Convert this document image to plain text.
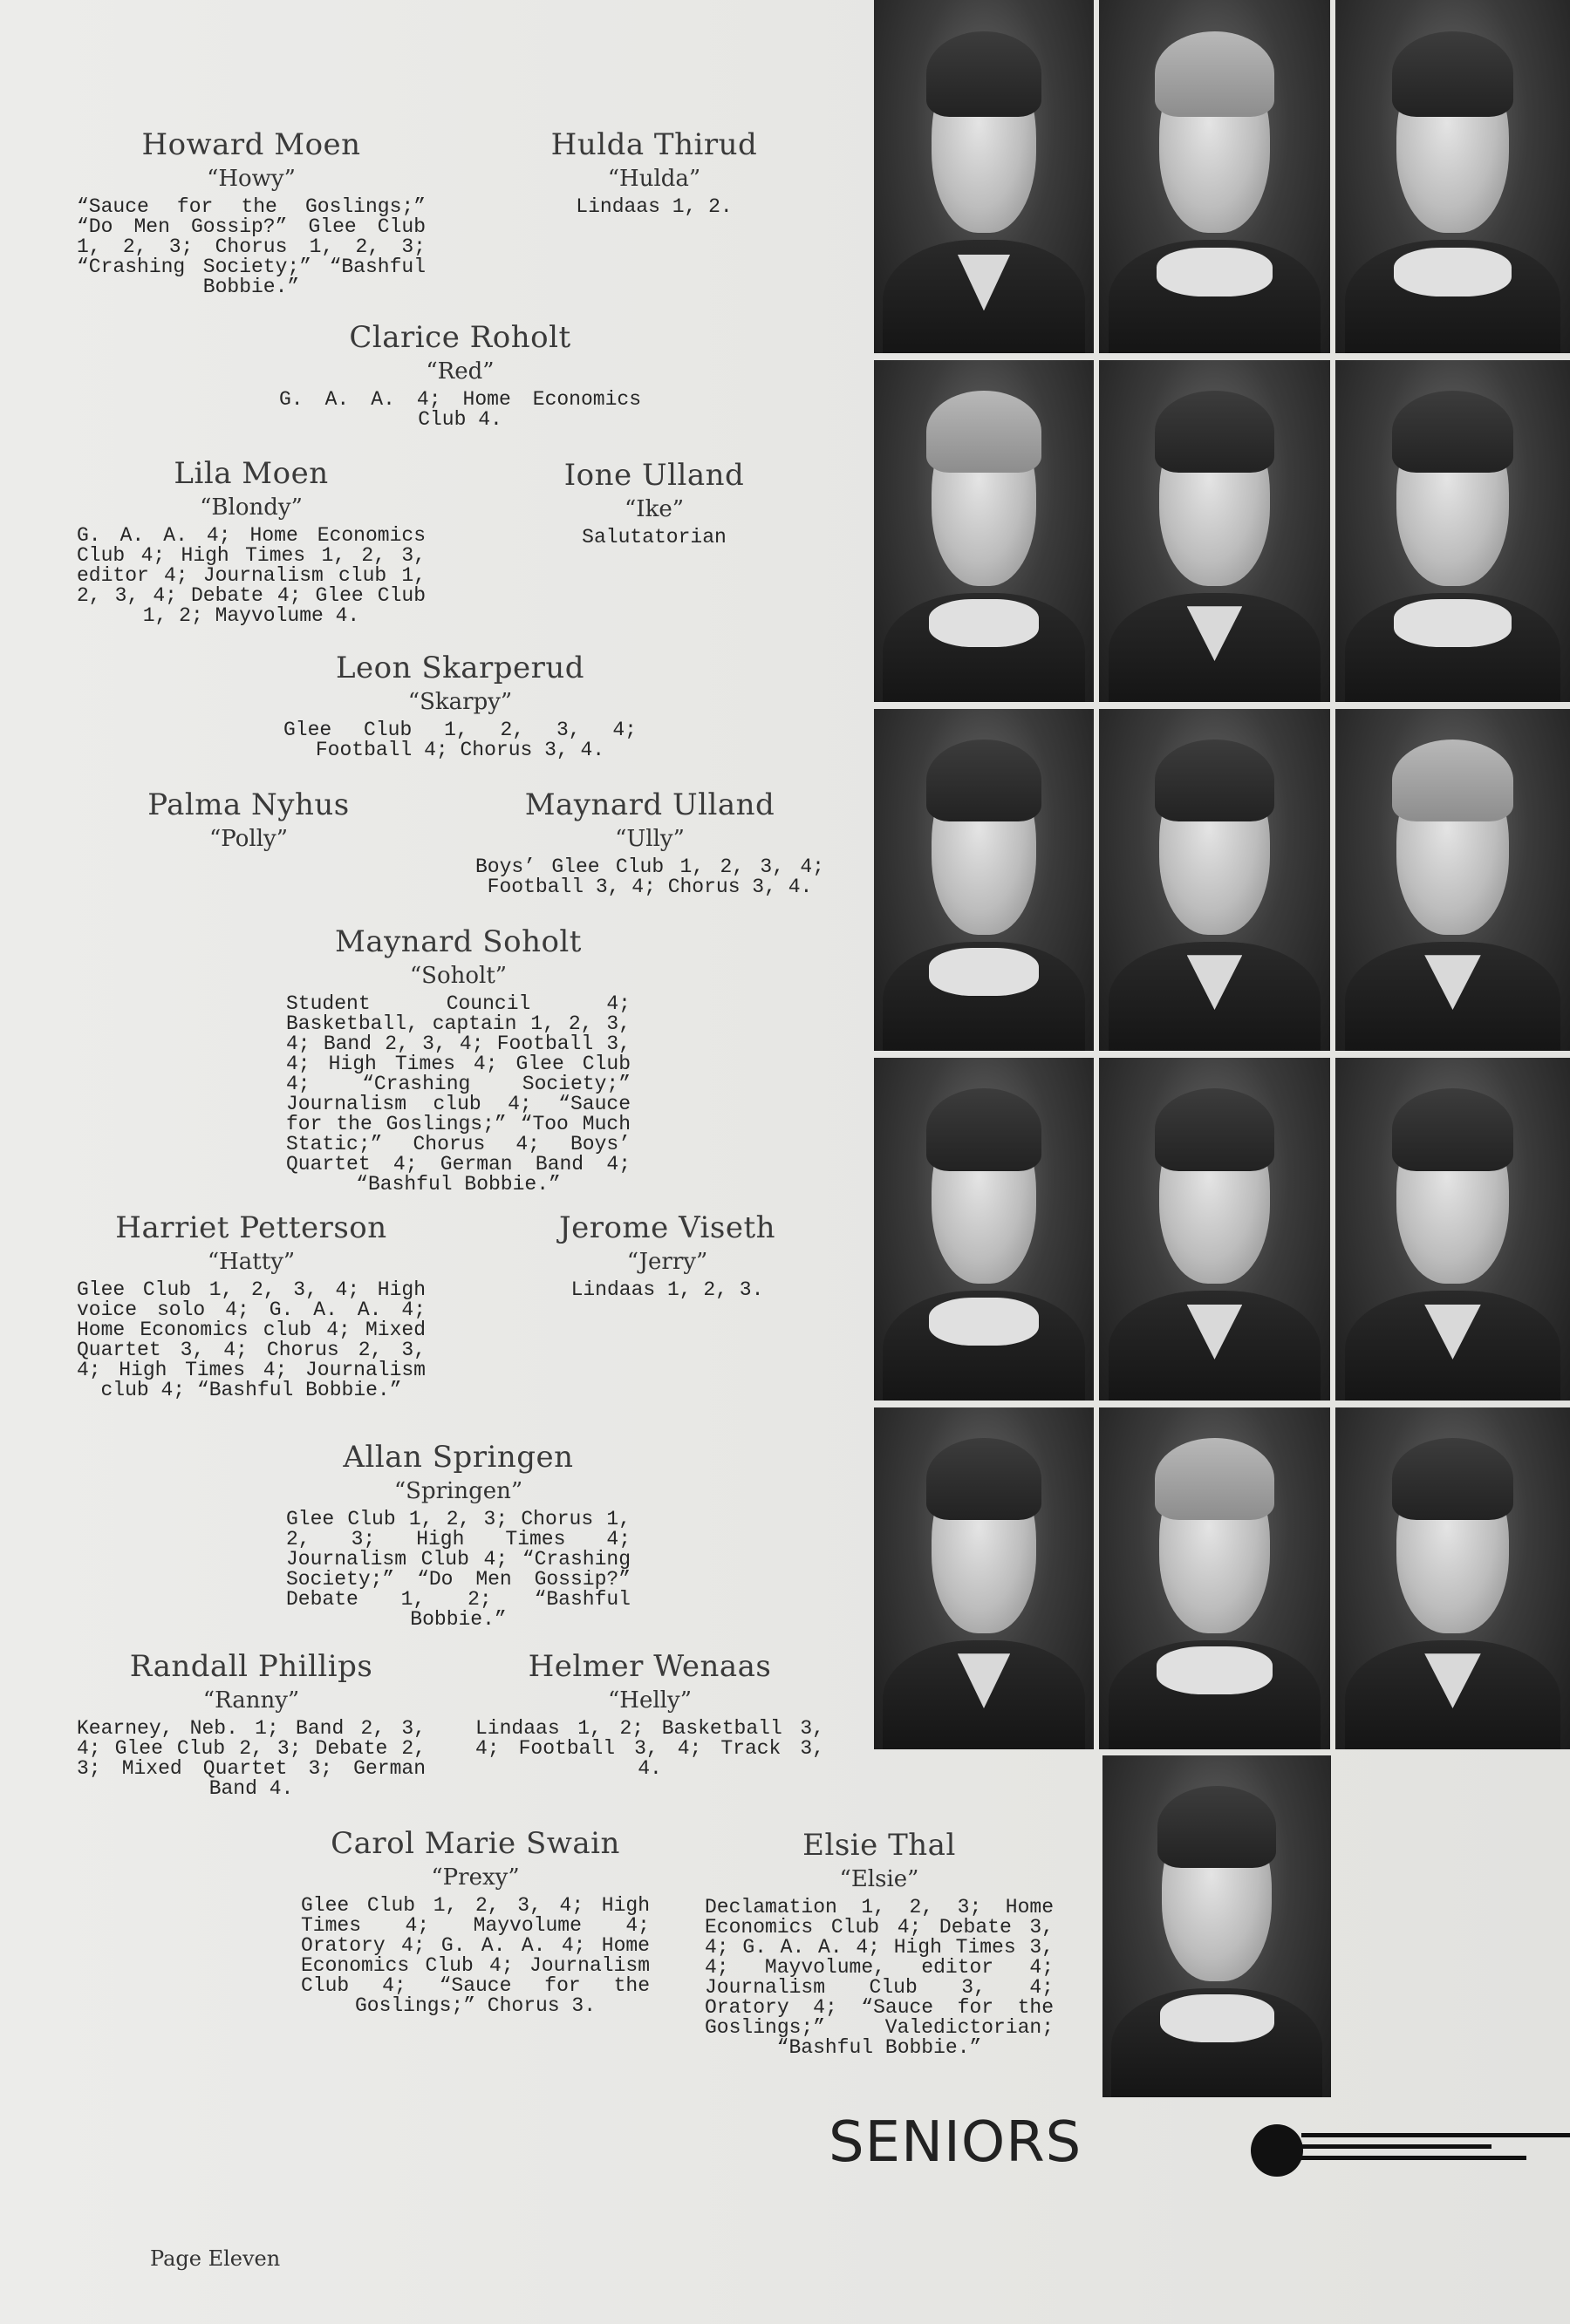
Howard Moen
“Howy”
“Sauce for the Goslings;” “Do Men Gossip?” Glee Club 1, 2, 3; Chorus 1, 2, 3; “Crashing Society;” “Bashful Bobbie.”
Hulda Thirud
“Hulda”
Lindaas 1, 2.
Clarice Roholt
“Red”
G. A. A. 4; Home Economics Club 4.
Lila Moen
“Blondy”
G. A. A. 4; Home Economics Club 4; High Times 1, 2, 3, editor 4; Journalism club 1, 2, 3, 4; Debate 4; Glee Club 1, 2; Mayvolume 4.
Ione Ulland
“Ike”
Salutatorian
Leon Skarperud
“Skarpy”
Glee Club 1, 2, 3, 4; Football 4; Chorus 3, 4.
Palma Nyhus
“Polly”
Maynard Ulland
“Ully”
Boys’ Glee Club 1, 2, 3, 4; Football 3, 4; Chorus 3, 4.
Maynard Soholt
“Soholt”
Student Council 4; Basketball, captain 1, 2, 3, 4; Band 2, 3, 4; Football 3, 4; High Times 4; Glee Club 4; “Crashing Society;” Journalism club 4; “Sauce for the Goslings;” “Too Much Static;” Chorus 4; Boys’ Quartet 4; German Band 4; “Bashful Bobbie.”
Harriet Petterson
“Hatty”
Glee Club 1, 2, 3, 4; High voice solo 4; G. A. A. 4; Home Economics club 4; Mixed Quartet 3, 4; Chorus 2, 3, 4; High Times 4; Journalism club 4; “Bashful Bobbie.”
Jerome Viseth
“Jerry”
Lindaas 1, 2, 3.
Allan Springen
“Springen”
Glee Club 1, 2, 3; Chorus 1, 2, 3; High Times 4; Journalism Club 4; “Crashing Society;” “Do Men Gossip?” Debate 1, 2; “Bashful Bobbie.”
Randall Phillips
“Ranny”
Kearney, Neb. 1; Band 2, 3, 4; Glee Club 2, 3; Debate 2, 3; Mixed Quartet 3; German Band 4.
Helmer Wenaas
“Helly”
Lindaas 1, 2; Basketball 3, 4; Football 3, 4; Track 3, 4.
Carol Marie Swain
“Prexy”
Glee Club 1, 2, 3, 4; High Times 4; Mayvolume 4; Oratory 4; G. A. A. 4; Home Economics Club 4; Journalism Club 4; “Sauce for the Goslings;” Chorus 3.
Elsie Thal
“Elsie”
Declamation 1, 2, 3; Home Economics Club 4; Debate 3, 4; G. A. A. 4; High Times 3, 4; Mayvolume, editor 4; Journalism Club 3, 4; Oratory 4; “Sauce for the Goslings;” Valedictorian; “Bashful Bobbie.”
SENIORS
Page Eleven
